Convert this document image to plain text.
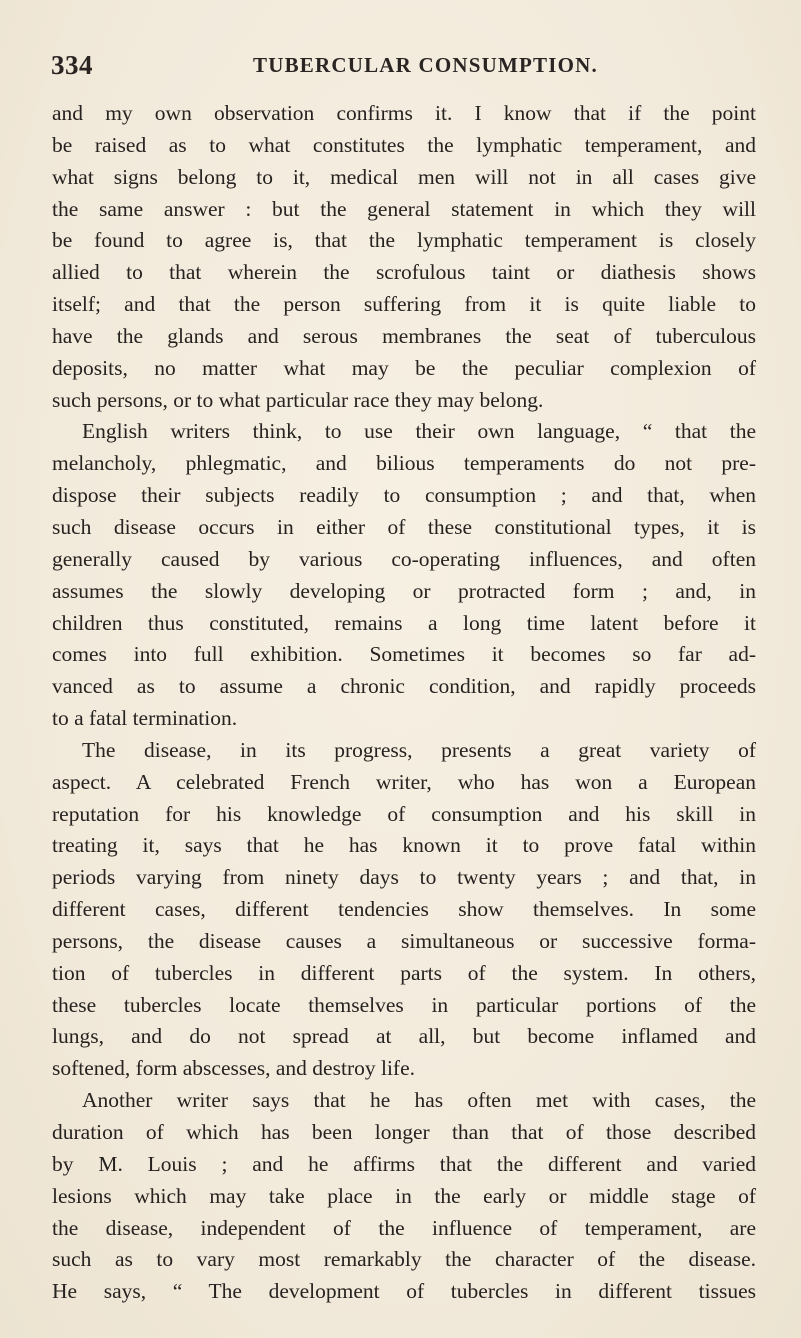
334	TUBERCULAR CONSUMPTION.
and my own observation confirms it. I know that if the point
be raised as to what constitutes the lymphatic temperament, and
what signs belong to it, medical men will not in all cases give
the same answer : but the general statement in which they will
be found to agree is, that the lymphatic temperament is closely
allied to that wherein the scrofulous taint or diathesis shows
itself; and that the person suffering from it is quite liable to
have the glands and serous membranes the seat of tuberculous
deposits, no matter what may be the peculiar complexion of
such persons, or to what particular race they may belong.
English writers think, to use their own language, “ that the
melancholy, phlegmatic, and bilious temperaments do not pre-
dispose their subjects readily to consumption ; and that, when
such disease occurs in either of these constitutional types, it is
generally caused by various co-operating influences, and often
assumes the slowly developing or protracted form ; and, in
children thus constituted, remains a long time latent before it
comes into full exhibition. Sometimes it becomes so far ad-
vanced as to assume a chronic condition, and rapidly proceeds
to a fatal termination.
The disease, in its progress, presents a great variety of
aspect. A celebrated French writer, who has won a European
reputation for his knowledge of consumption and his skill in
treating it, says that he has known it to prove fatal within
periods varying from ninety days to twenty years ; and that, in
different cases, different tendencies show themselves. In some
persons, the disease causes a simultaneous or successive forma-
tion of tubercles in different parts of the system. In others,
these tubercles locate themselves in particular portions of the
lungs, and do not spread at all, but become inflamed and
softened, form abscesses, and destroy life.
Another writer says that he has often met with cases, the
duration of which has been longer than that of those described
by M. Louis ; and he affirms that the different and varied
lesions which may take place in the early or middle stage of
the disease, independent of the influence of temperament, are
such as to vary most remarkably the character of the disease.
He says, “ The development of tubercles in different tissues
